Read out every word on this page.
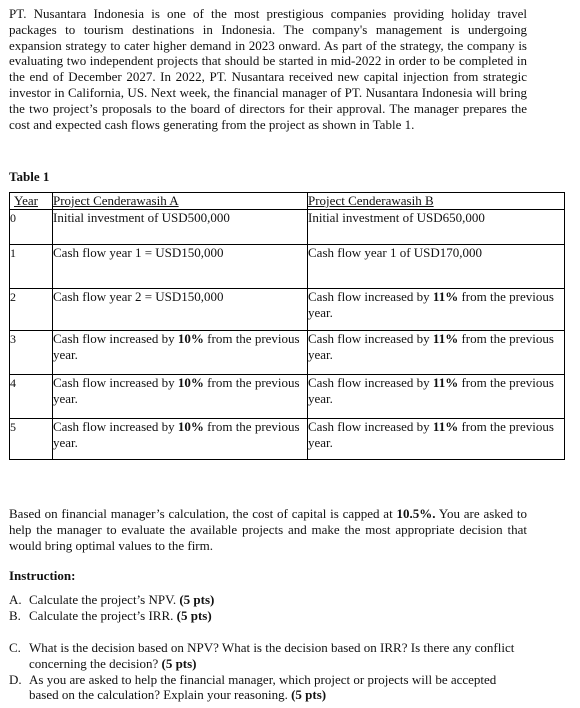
PT. Nusantara Indonesia is one of the most prestigious companies providing holiday travel packages to tourism destinations in Indonesia. The company's management is undergoing expansion strategy to cater higher demand in 2023 onward. As part of the strategy, the company is evaluating two independent projects that should be started in mid-2022 in order to be completed in the end of December 2027. In 2022, PT. Nusantara received new capital injection from strategic investor in California, US. Next week, the financial manager of PT. Nusantara Indonesia will bring the two project’s proposals to the board of directors for their approval. The manager prepares the cost and expected cash flows generating from the project as shown in Table 1.

Table 1

Year	Project Cenderawasih A	Project Cenderawasih B
0	Initial investment of USD500,000	Initial investment of USD650,000
1	Cash flow year 1 = USD150,000	Cash flow year 1 of USD170,000
2	Cash flow year 2 = USD150,000	Cash flow increased by 11% from the previous year.
3	Cash flow increased by 10% from the previous year.	Cash flow increased by 11% from the previous year.
4	Cash flow increased by 10% from the previous year.	Cash flow increased by 11% from the previous year.
5	Cash flow increased by 10% from the previous year.	Cash flow increased by 11% from the previous year.

Based on financial manager’s calculation, the cost of capital is capped at 10.5%. You are asked to help the manager to evaluate the available projects and make the most appropriate decision that would bring optimal values to the firm.

Instruction:

A. Calculate the project’s NPV. (5 pts)
B. Calculate the project’s IRR. (5 pts)
C. What is the decision based on NPV? What is the decision based on IRR? Is there any conflict concerning the decision? (5 pts)
D. As you are asked to help the financial manager, which project or projects will be accepted based on the calculation? Explain your reasoning. (5 pts)
